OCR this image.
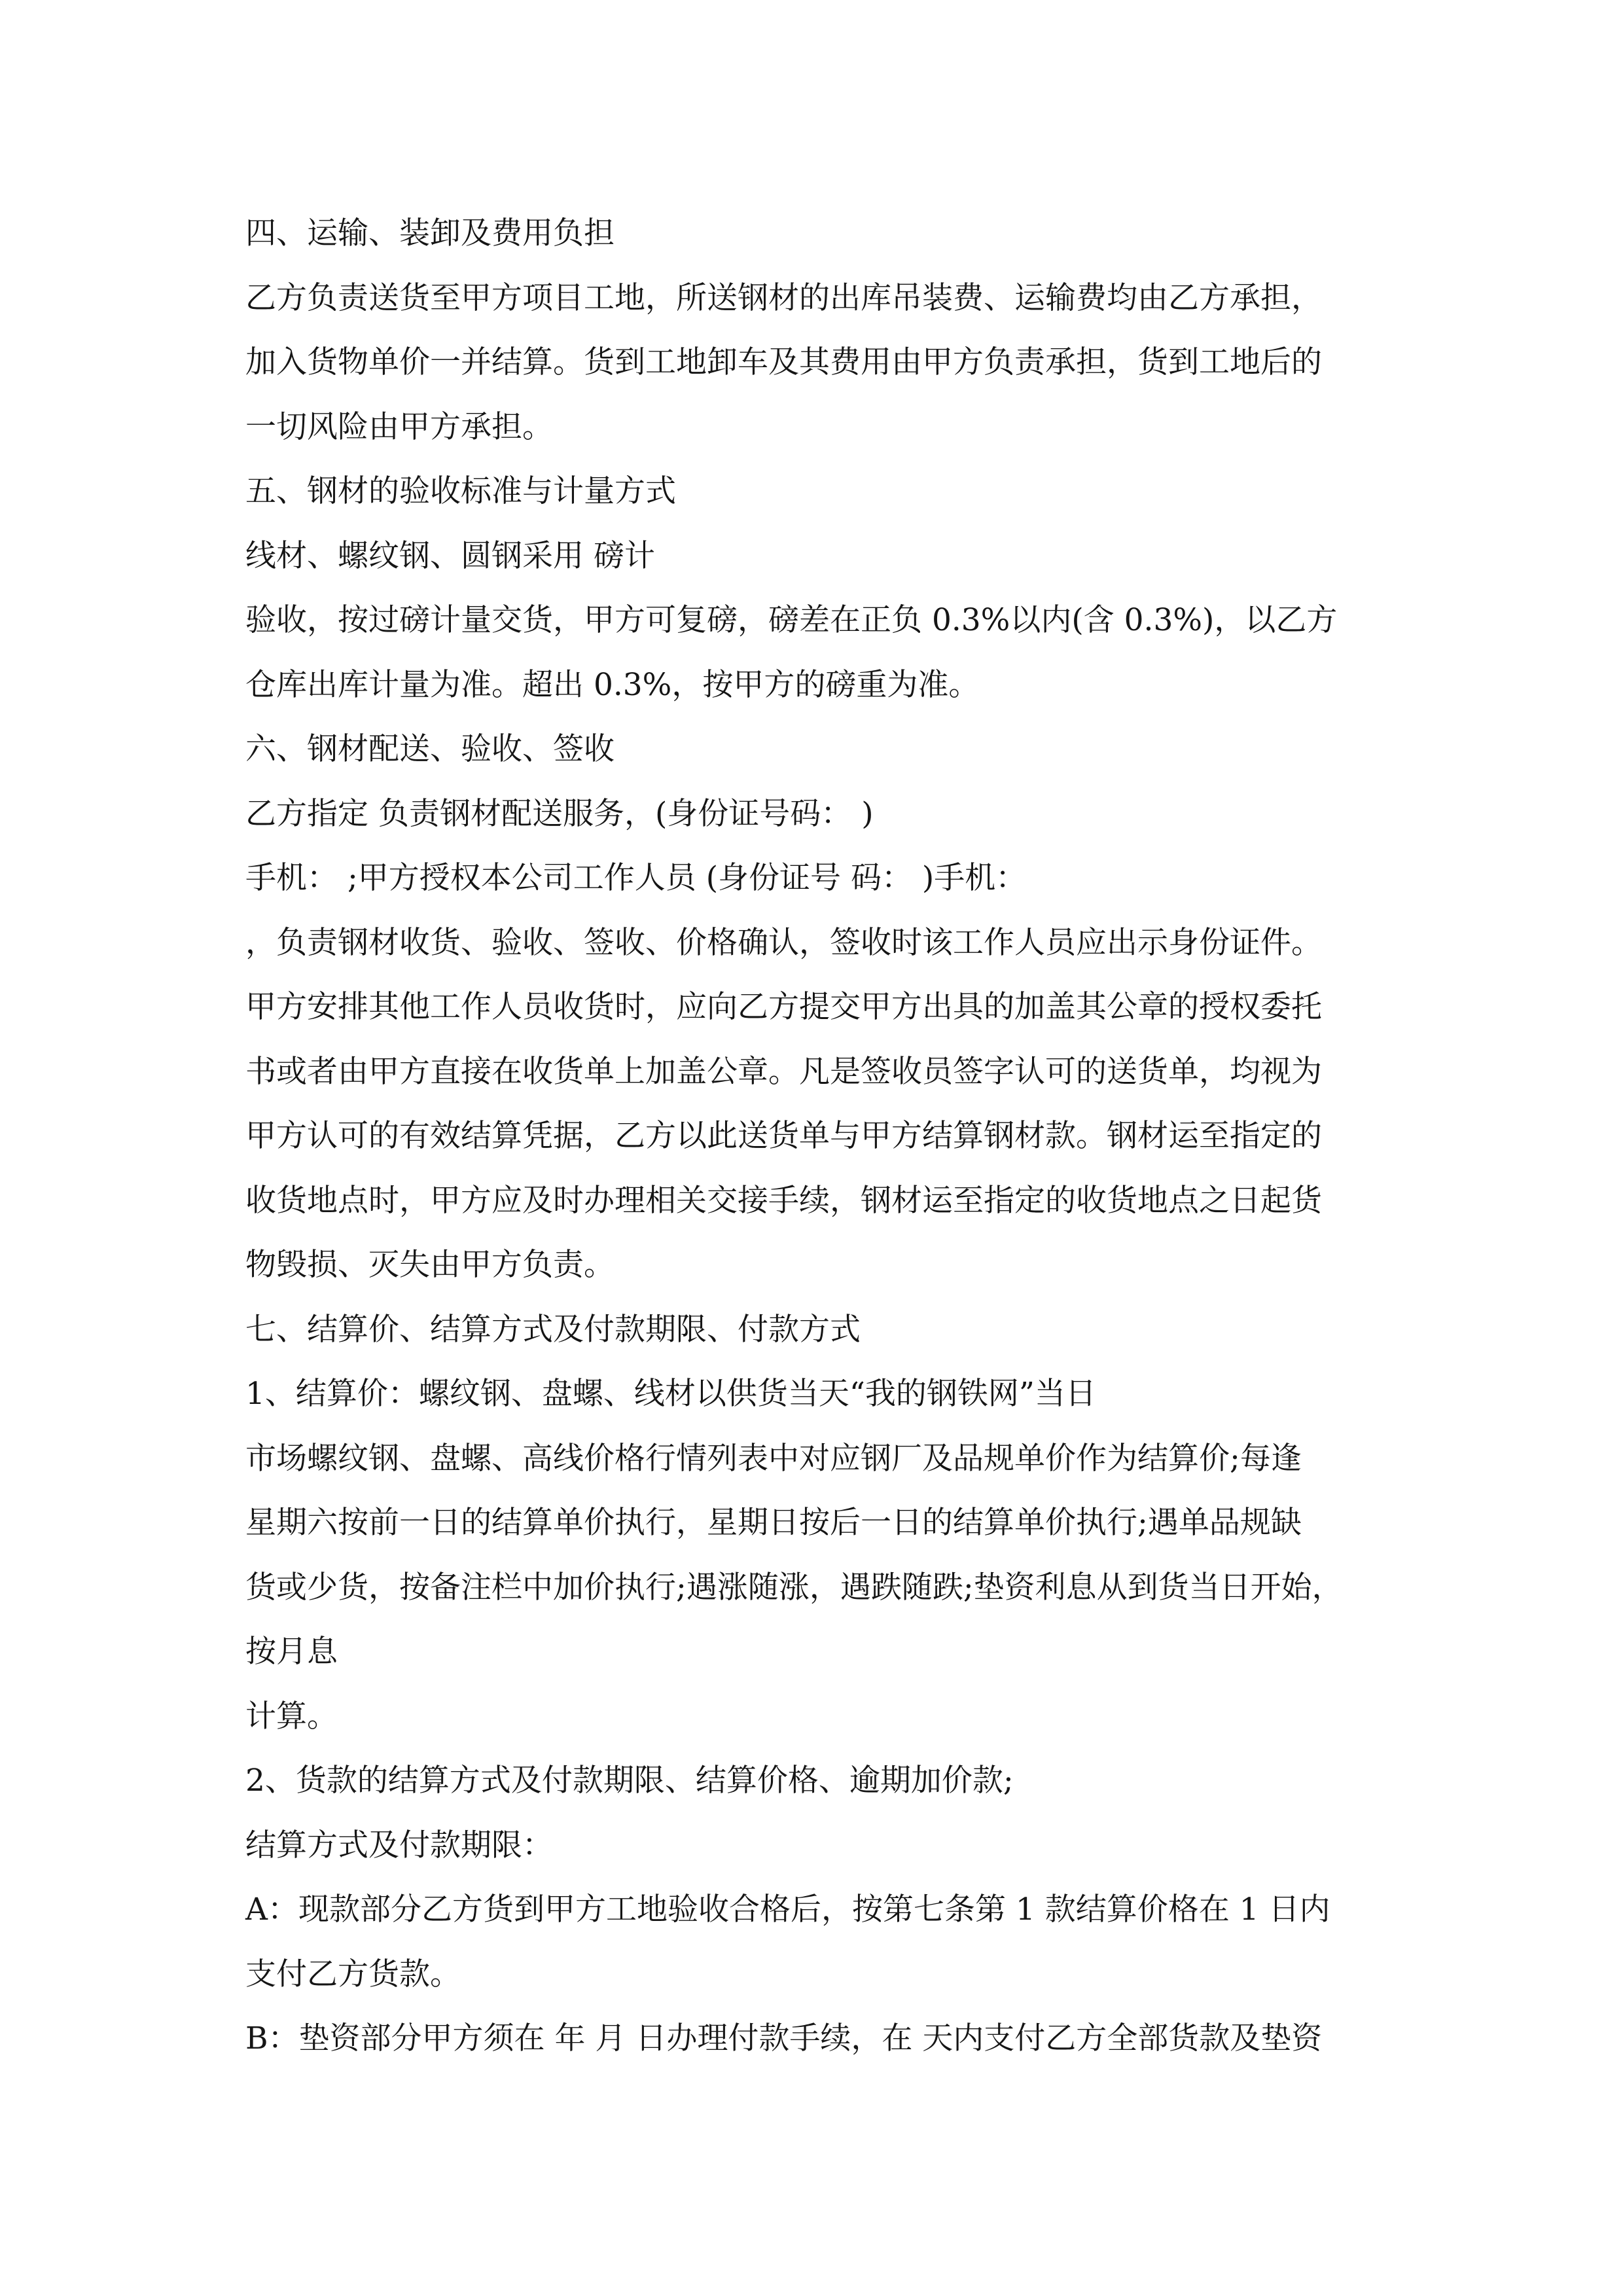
四、运输、装卸及费用负担

乙方负责送货至甲方项目工地，所送钢材的出库吊装费、运输费均由乙方承担，

加入货物单价一并结算。货到工地卸车及其费用由甲方负责承担，货到工地后的

一切风险由甲方承担。

五、钢材的验收标准与计量方式

线材、螺纹钢、圆钢采用 磅计

验收，按过磅计量交货，甲方可复磅，磅差在正负 0.3%以内(含 0.3%)，以乙方

仓库出库计量为准。超出 0.3%，按甲方的磅重为准。

六、钢材配送、验收、签收

乙方指定 负责钢材配送服务，(身份证号码： )

手机： ;甲方授权本公司工作人员 (身份证号 码： )手机：

，负责钢材收货、验收、签收、价格确认，签收时该工作人员应出示身份证件。

甲方安排其他工作人员收货时，应向乙方提交甲方出具的加盖其公章的授权委托

书或者由甲方直接在收货单上加盖公章。凡是签收员签字认可的送货单，均视为

甲方认可的有效结算凭据，乙方以此送货单与甲方结算钢材款。钢材运至指定的

收货地点时，甲方应及时办理相关交接手续，钢材运至指定的收货地点之日起货

物毁损、灭失由甲方负责。

七、结算价、结算方式及付款期限、付款方式

1、结算价：螺纹钢、盘螺、线材以供货当天“我的钢铁网”当日

市场螺纹钢、盘螺、高线价格行情列表中对应钢厂及品规单价作为结算价;每逢

星期六按前一日的结算单价执行，星期日按后一日的结算单价执行;遇单品规缺

货或少货，按备注栏中加价执行;遇涨随涨，遇跌随跌;垫资利息从到货当日开始，

按月息

计算。

2、货款的结算方式及付款期限、结算价格、逾期加价款;

结算方式及付款期限：

A：现款部分乙方货到甲方工地验收合格后，按第七条第 1 款结算价格在 1 日内

支付乙方货款。

B：垫资部分甲方须在 年 月 日办理付款手续，在 天内支付乙方全部货款及垫资
